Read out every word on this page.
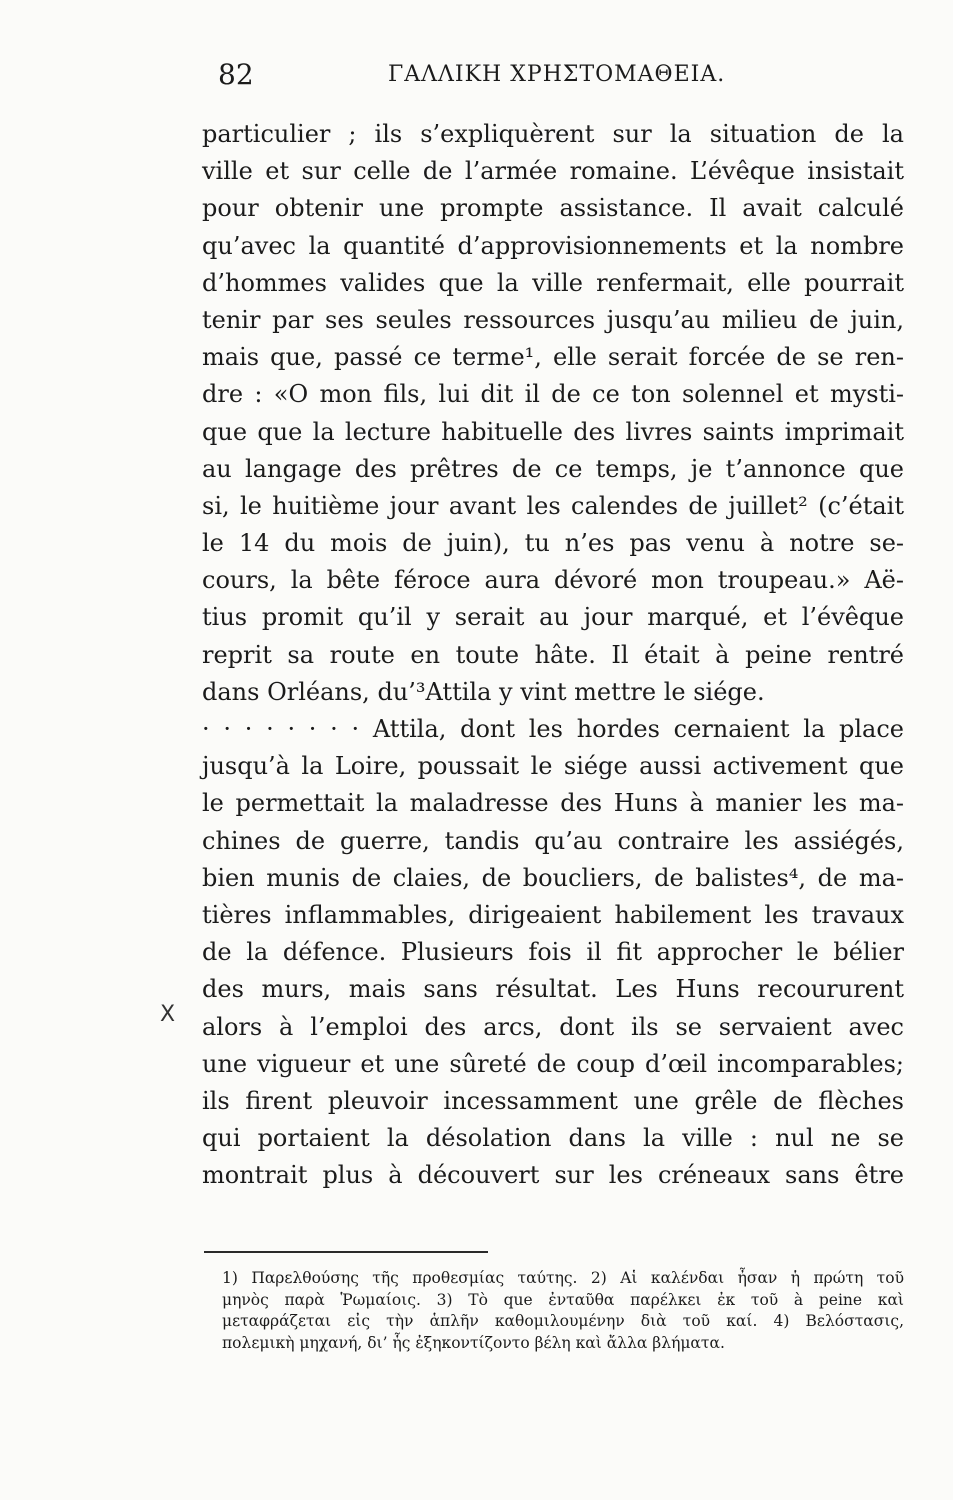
82	ΓΑΛΛΙΚΗ ΧΡΗΣΤΟΜΑΘΕΙΑ.
particulier ; ils s’expliquèrent sur la situation de la
ville et sur celle de l’armée romaine. L’évêque insistait
pour obtenir une prompte assistance. Il avait calculé
qu’avec la quantité d’approvisionnements et la nombre
d’hommes valides que la ville renfermait, elle pourrait
tenir par ses seules ressources jusqu’au milieu de juin,
mais que, passé ce terme¹, elle serait forcée de se ren-
dre : «O mon fils, lui dit il de ce ton solennel et mysti-
que que la lecture habituelle des livres saints imprimait
au langage des prêtres de ce temps, je t’annonce que
si, le huitième jour avant les calendes de juillet² (c’était
le 14 du mois de juin), tu n’es pas venu à notre se-
cours, la bête féroce aura dévoré mon troupeau.» Aë-
tius promit qu’il y serait au jour marqué, et l’évêque
reprit sa route en toute hâte. Il était à peine rentré
dans Orléans, du’³Attila y vint mettre le siége.
· · · · · · · · Attila, dont les hordes cernaient la place
jusqu’à la Loire, poussait le siége aussi activement que
le permettait la maladresse des Huns à manier les ma-
chines de guerre, tandis qu’au contraire les assiégés,
bien munis de claies, de boucliers, de balistes⁴, de ma-
tières inflammables, dirigeaient habilement les travaux
de la défence. Plusieurs fois il fit approcher le bélier
des murs, mais sans résultat. Les Huns recoururent
alors à l’emploi des arcs, dont ils se servaient avec
une vigueur et une sûreté de coup d’œil incomparables;
ils firent pleuvoir incessamment une grêle de flèches
qui portaient la désolation dans la ville : nul ne se
montrait plus à découvert sur les créneaux sans être
X
1) Παρελθούσης τῆς προθεσμίας ταύτης. 2) Αἱ καλένδαι ἦσαν ἡ πρώτη τοῦ
μηνὸς παρὰ Ῥωμαίοις. 3) Τὸ que ἐνταῦθα παρέλκει ἐκ τοῦ à peine καὶ
μεταφράζεται εἰς τὴν ἁπλῆν καθομιλουμένην διὰ τοῦ καί. 4) Βελόστασις,
πολεμικὴ μηχανή, δι’ ἧς ἐξηκοντίζοντο βέλη καὶ ἄλλα βλήματα.
